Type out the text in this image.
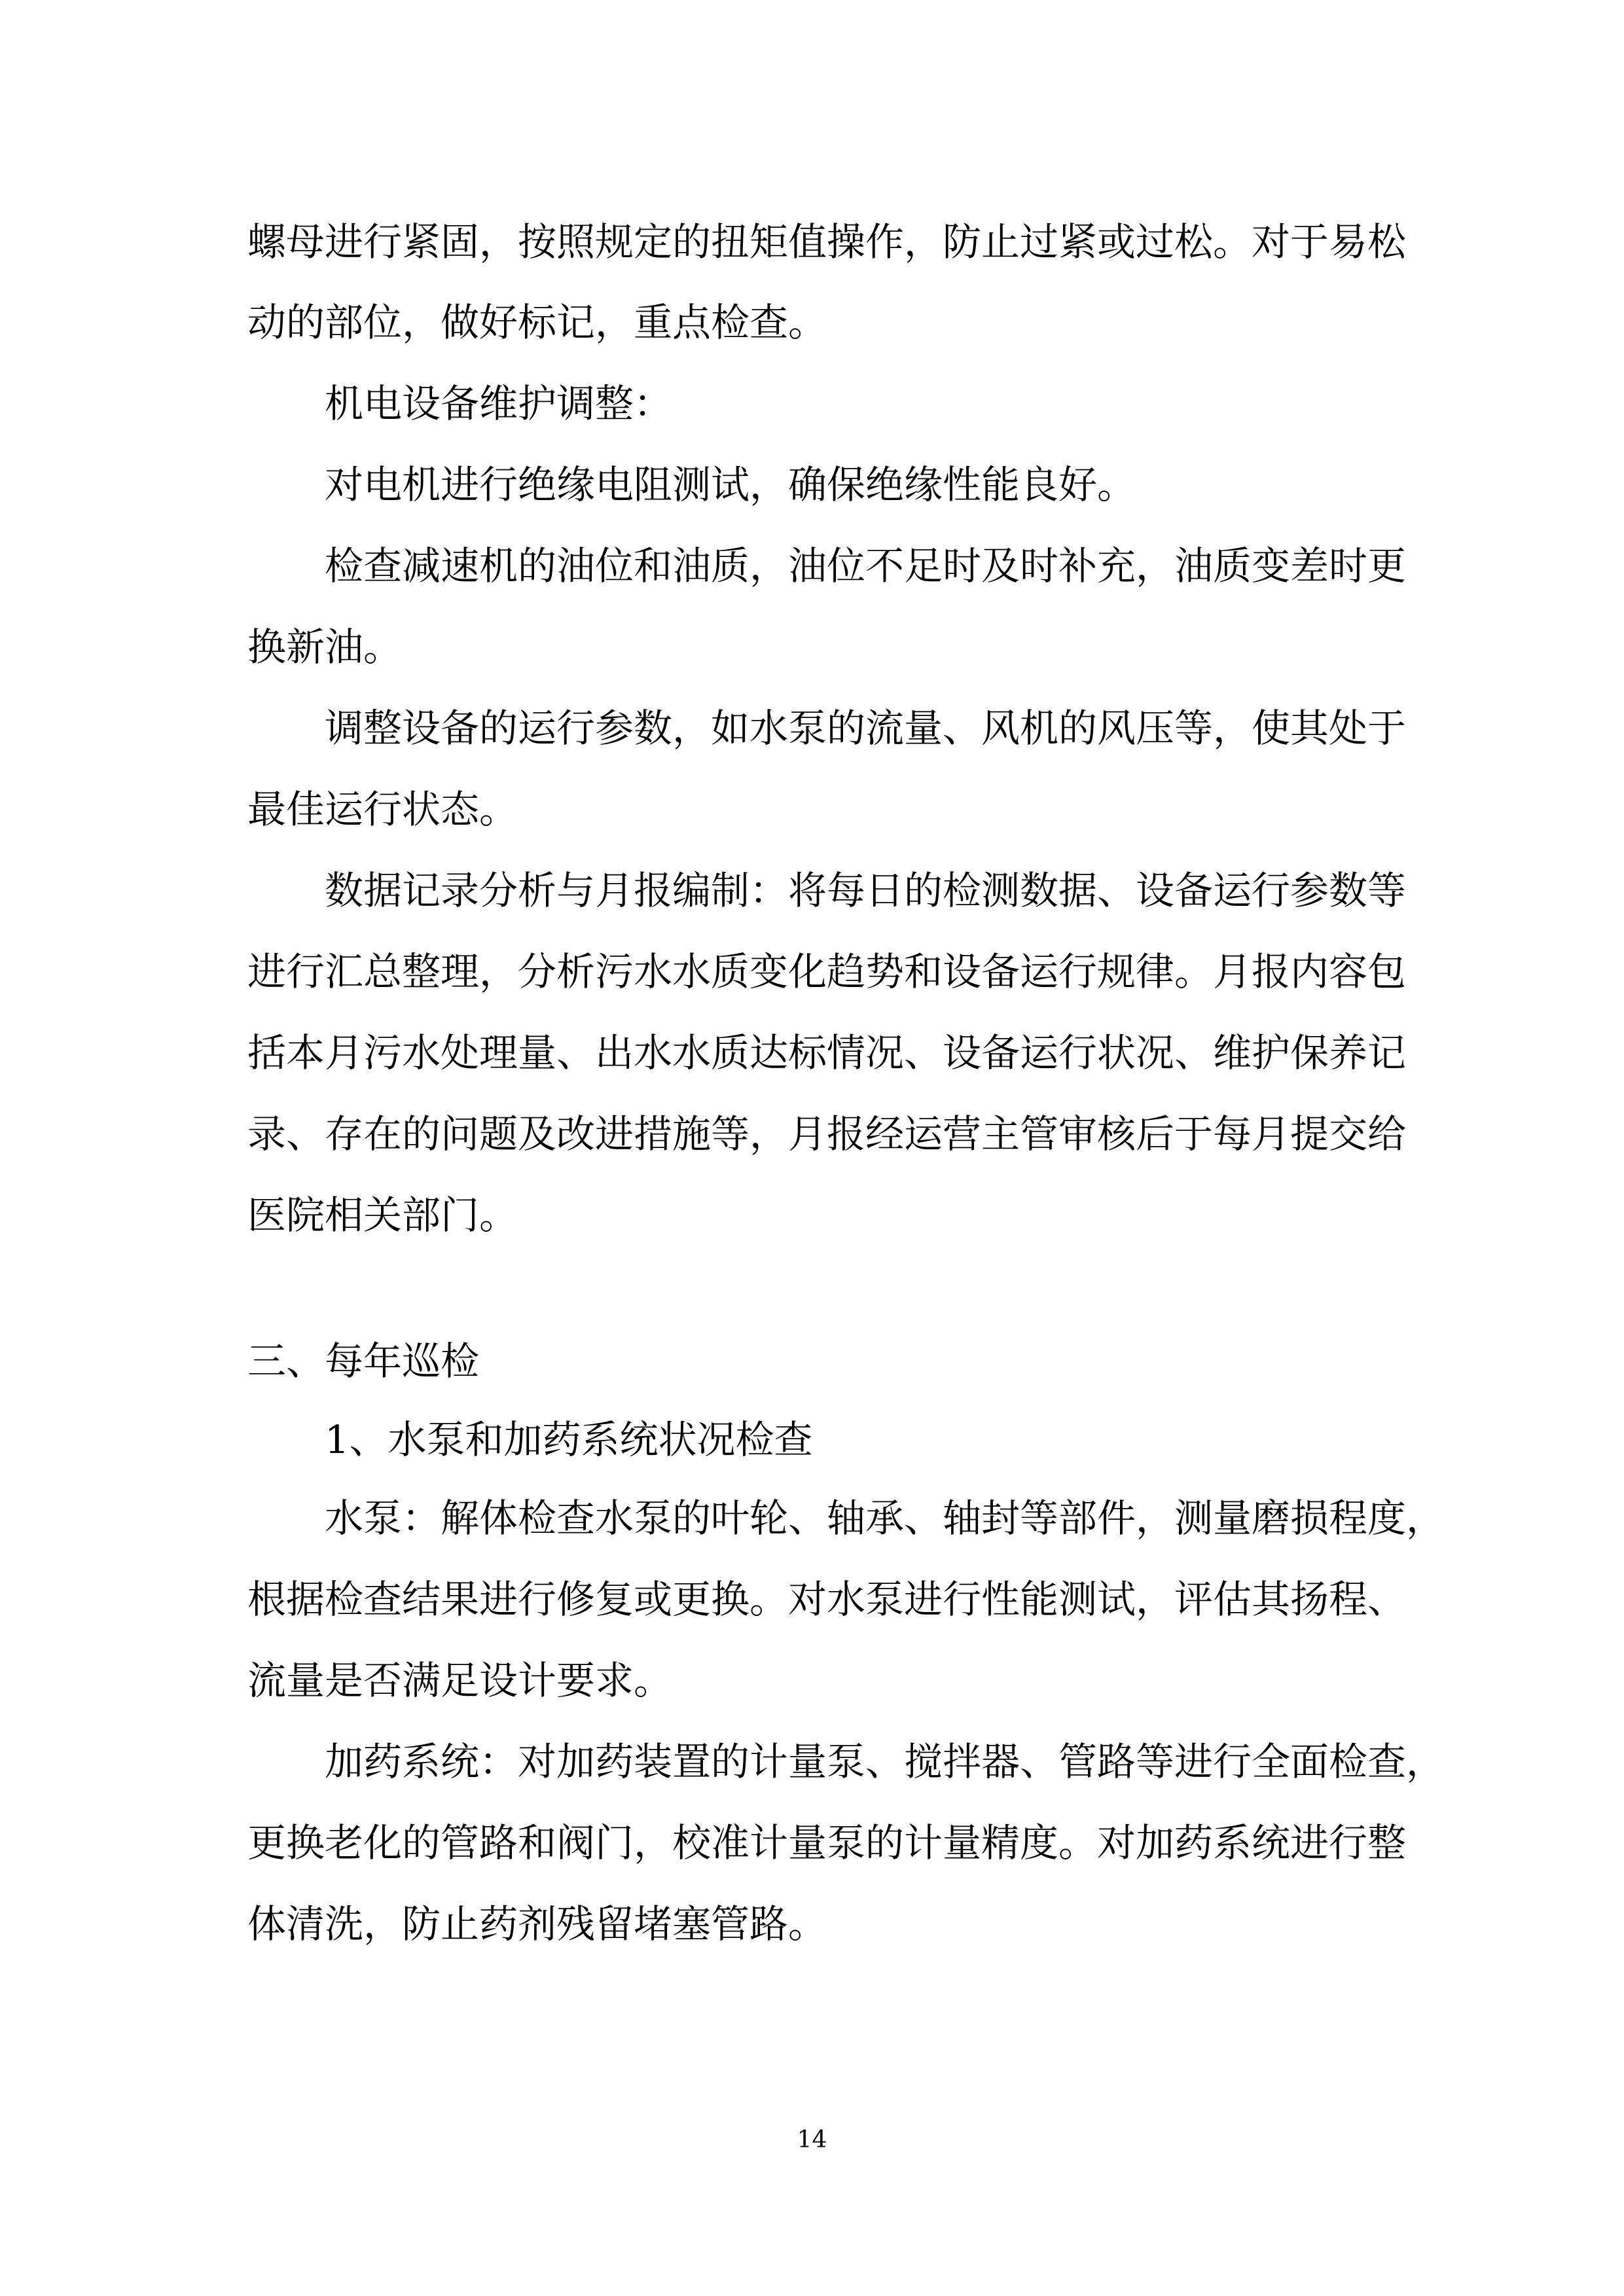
螺母进行紧固，按照规定的扭矩值操作，防止过紧或过松。对于易松
动的部位，做好标记，重点检查。
机电设备维护调整：
对电机进行绝缘电阻测试，确保绝缘性能良好。
检查减速机的油位和油质，油位不足时及时补充，油质变差时更
换新油。
调整设备的运行参数，如水泵的流量、风机的风压等，使其处于
最佳运行状态。
数据记录分析与月报编制：将每日的检测数据、设备运行参数等
进行汇总整理，分析污水水质变化趋势和设备运行规律。月报内容包
括本月污水处理量、出水水质达标情况、设备运行状况、维护保养记
录、存在的问题及改进措施等，月报经运营主管审核后于每月提交给
医院相关部门。
三、每年巡检
1、水泵和加药系统状况检查
水泵：解体检查水泵的叶轮、轴承、轴封等部件，测量磨损程度，
根据检查结果进行修复或更换。对水泵进行性能测试，评估其扬程、
流量是否满足设计要求。
加药系统：对加药装置的计量泵、搅拌器、管路等进行全面检查，
更换老化的管路和阀门，校准计量泵的计量精度。对加药系统进行整
体清洗，防止药剂残留堵塞管路。
14
